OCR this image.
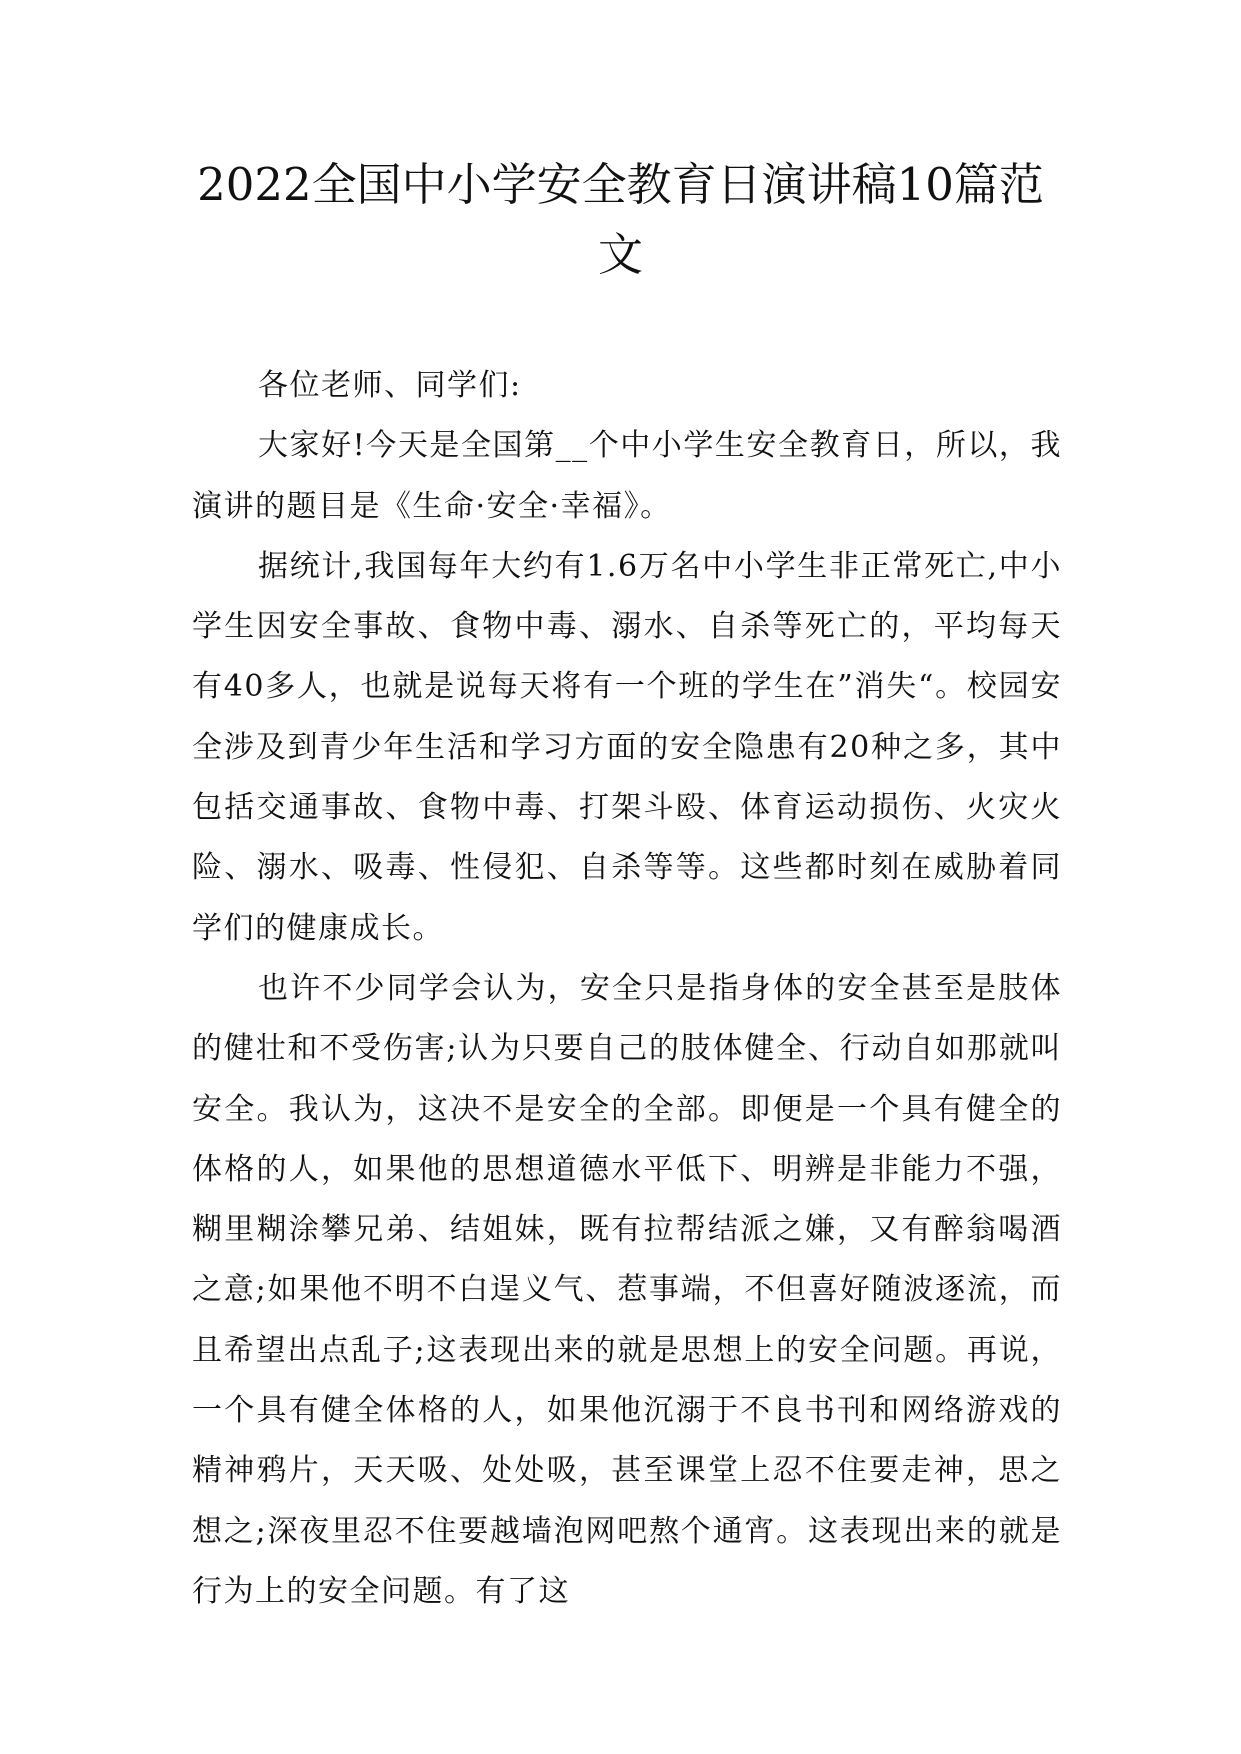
2022全国中小学安全教育日演讲稿10篇范文

各位老师、同学们:

大家好!今天是全国第__个中小学生安全教育日，所以，我演讲的题目是《生命·安全·幸福》。

据统计,我国每年大约有1.6万名中小学生非正常死亡,中小学生因安全事故、食物中毒、溺水、自杀等死亡的，平均每天有40多人，也就是说每天将有一个班的学生在”消失“。校园安全涉及到青少年生活和学习方面的安全隐患有20种之多，其中包括交通事故、食物中毒、打架斗殴、体育运动损伤、火灾火险、溺水、吸毒、性侵犯、自杀等等。这些都时刻在威胁着同学们的健康成长。

也许不少同学会认为，安全只是指身体的安全甚至是肢体的健壮和不受伤害;认为只要自己的肢体健全、行动自如那就叫安全。我认为，这决不是安全的全部。即便是一个具有健全的体格的人，如果他的思想道德水平低下、明辨是非能力不强，糊里糊涂攀兄弟、结姐妹，既有拉帮结派之嫌，又有醉翁喝酒之意;如果他不明不白逞义气、惹事端，不但喜好随波逐流，而且希望出点乱子;这表现出来的就是思想上的安全问题。再说，一个具有健全体格的人，如果他沉溺于不良书刊和网络游戏的精神鸦片，天天吸、处处吸，甚至课堂上忍不住要走神，思之想之;深夜里忍不住要越墙泡网吧熬个通宵。这表现出来的就是行为上的安全问题。有了这
